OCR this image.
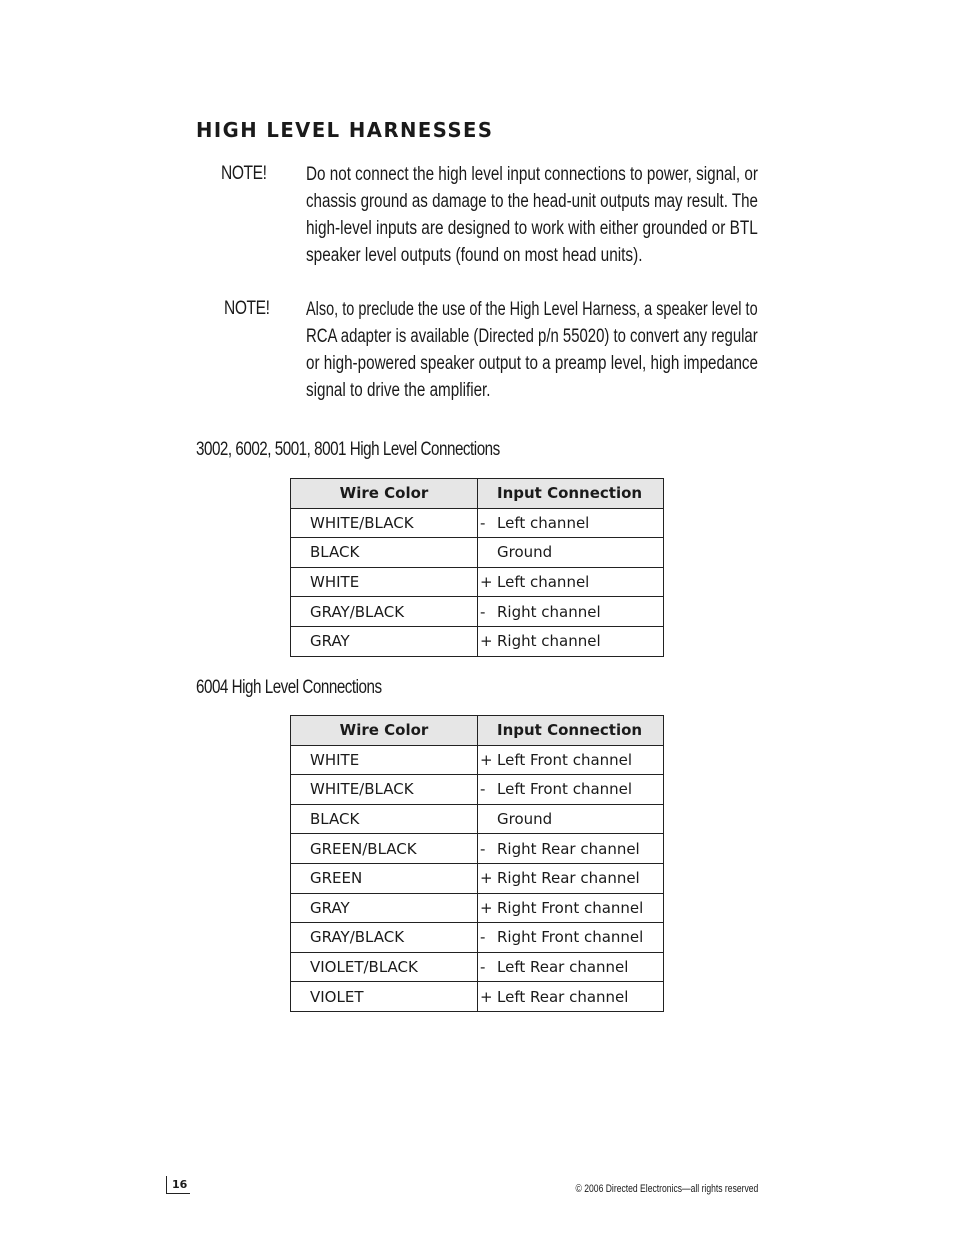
HIGH LEVEL HARNESSES
NOTE! Do not connect the high level input connections to power, signal, or
chassis ground as damage to the head-unit outputs may result. The
high-level inputs are designed to work with either grounded or BTL
speaker level outputs (found on most head units).
NOTE! Also, to preclude the use of the High Level Harness, a speaker level to
RCA adapter is available (Directed p/n 55020) to convert any regular
or high-powered speaker output to a preamp level, high impedance
signal to drive the amplifier.
3002, 6002, 5001, 8001 High Level Connections
Wire Color	Input Connection
WHITE/BLACK	- Left channel
BLACK	Ground
WHITE	+ Left channel
GRAY/BLACK	- Right channel
GRAY	+ Right channel
6004 High Level Connections
Wire Color	Input Connection
WHITE	+ Left Front channel
WHITE/BLACK	- Left Front channel
BLACK	Ground
GREEN/BLACK	- Right Rear channel
GREEN	+ Right Rear channel
GRAY	+ Right Front channel
GRAY/BLACK	- Right Front channel
VIOLET/BLACK	- Left Rear channel
VIOLET	+ Left Rear channel
16	© 2006 Directed Electronics—all rights reserved
